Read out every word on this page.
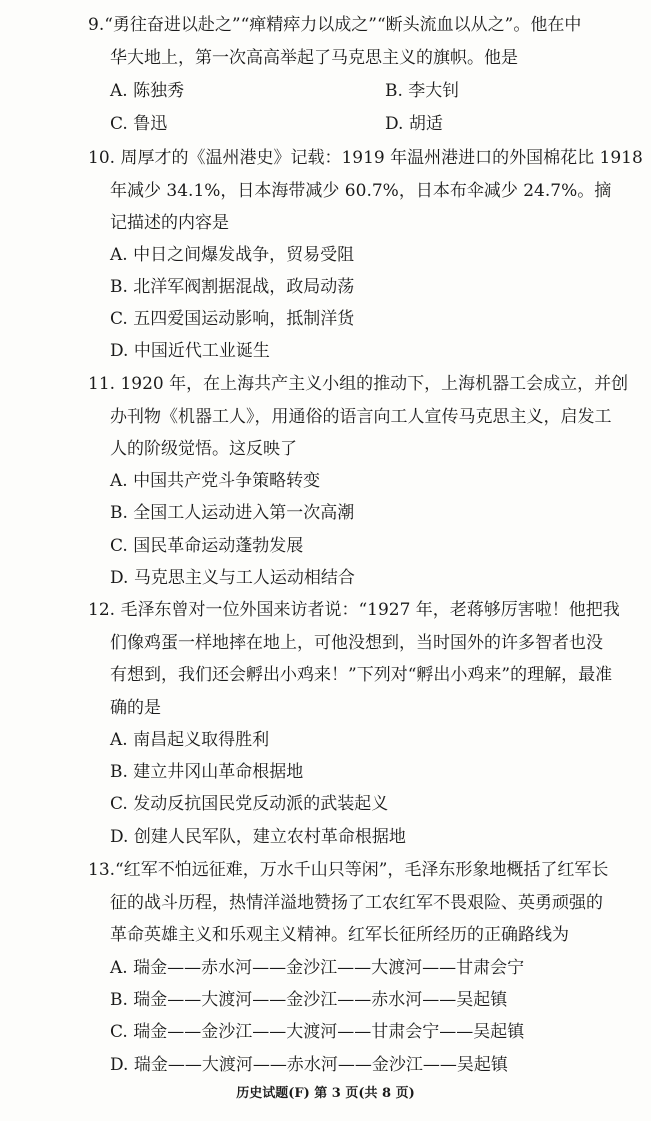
9.“勇往奋进以赴之”“瘅精瘁力以成之”“断头流血以从之”。他在中
华大地上，第一次高高举起了马克思主义的旗帜。他是
A. 陈独秀	B. 李大钊
C. 鲁迅	D. 胡适
10. 周厚才的《温州港史》记载：1919 年温州港进口的外国棉花比 1918
年减少 34.1%，日本海带减少 60.7%，日本布伞减少 24.7%。摘
记描述的内容是
A. 中日之间爆发战争，贸易受阻
B. 北洋军阀割据混战，政局动荡
C. 五四爱国运动影响，抵制洋货
D. 中国近代工业诞生
11. 1920 年，在上海共产主义小组的推动下，上海机器工会成立，并创
办刊物《机器工人》，用通俗的语言向工人宣传马克思主义，启发工
人的阶级觉悟。这反映了
A. 中国共产党斗争策略转变
B. 全国工人运动进入第一次高潮
C. 国民革命运动蓬勃发展
D. 马克思主义与工人运动相结合
12. 毛泽东曾对一位外国来访者说：“1927 年，老蒋够厉害啦！他把我
们像鸡蛋一样地摔在地上，可他没想到，当时国外的许多智者也没
有想到，我们还会孵出小鸡来！”下列对“孵出小鸡来”的理解，最准
确的是
A. 南昌起义取得胜利
B. 建立井冈山革命根据地
C. 发动反抗国民党反动派的武装起义
D. 创建人民军队，建立农村革命根据地
13.“红军不怕远征难，万水千山只等闲”，毛泽东形象地概括了红军长
征的战斗历程，热情洋溢地赞扬了工农红军不畏艰险、英勇顽强的
革命英雄主义和乐观主义精神。红军长征所经历的正确路线为
A. 瑞金——赤水河——金沙江——大渡河——甘肃会宁
B. 瑞金——大渡河——金沙江——赤水河——吴起镇
C. 瑞金——金沙江——大渡河——甘肃会宁——吴起镇
D. 瑞金——大渡河——赤水河——金沙江——吴起镇
历史试题(F) 第 3 页(共 8 页)
